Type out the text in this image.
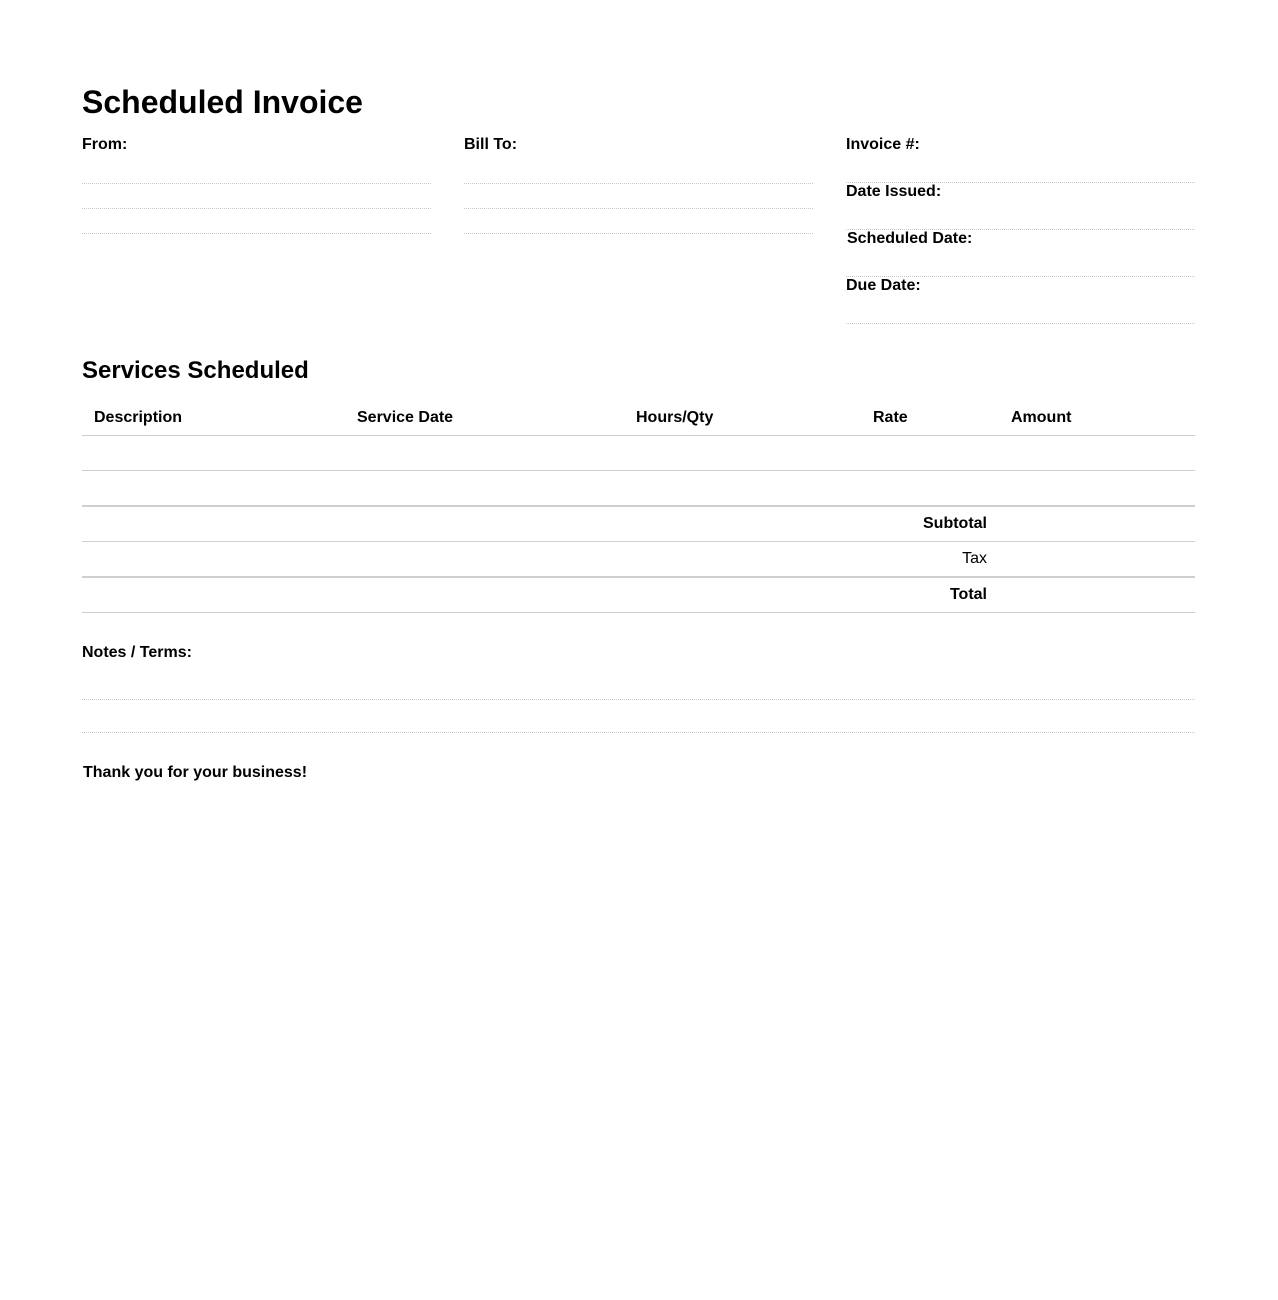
Scheduled Invoice
From:	Bill To:	Invoice #:
Date Issued:
Scheduled Date:
Due Date:
Services Scheduled
Description	Service Date	Hours/Qty	Rate	Amount
Subtotal
Tax
Total
Notes / Terms:
Thank you for your business!
